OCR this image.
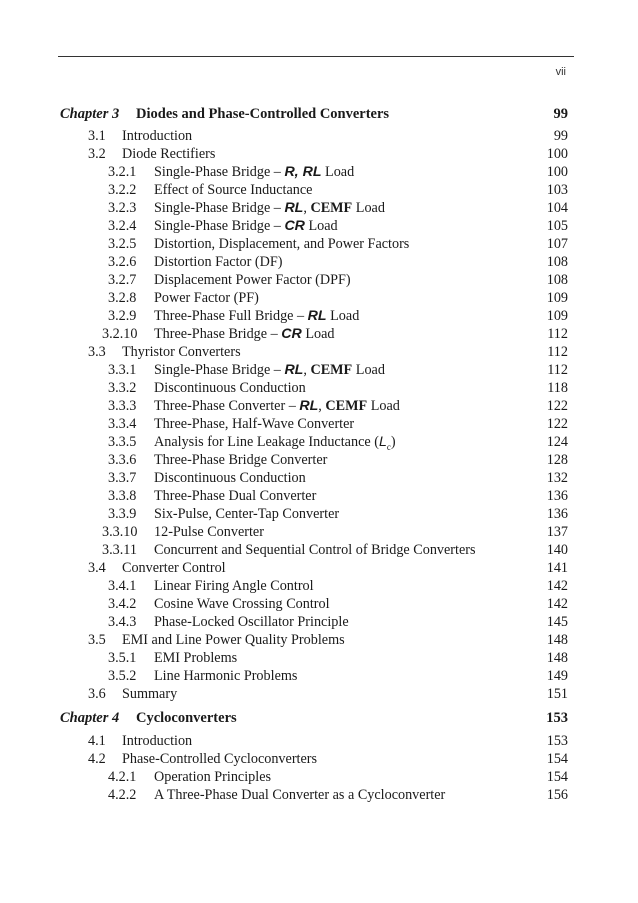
vii
Chapter 3 Diodes and Phase-Controlled Converters	99
3.1 Introduction	99
3.2 Diode Rectifiers	100
3.2.1 Single-Phase Bridge – R, RL Load	100
3.2.2 Effect of Source Inductance	103
3.2.3 Single-Phase Bridge – RL, CEMF Load	104
3.2.4 Single-Phase Bridge – CR Load	105
3.2.5 Distortion, Displacement, and Power Factors	107
3.2.6 Distortion Factor (DF)	108
3.2.7 Displacement Power Factor (DPF)	108
3.2.8 Power Factor (PF)	109
3.2.9 Three-Phase Full Bridge – RL Load	109
3.2.10 Three-Phase Bridge – CR Load	112
3.3 Thyristor Converters	112
3.3.1 Single-Phase Bridge – RL, CEMF Load	112
3.3.2 Discontinuous Conduction	118
3.3.3 Three-Phase Converter – RL, CEMF Load	122
3.3.4 Three-Phase, Half-Wave Converter	122
3.3.5 Analysis for Line Leakage Inductance $(L_c)$	124
3.3.6 Three-Phase Bridge Converter	128
3.3.7 Discontinuous Conduction	132
3.3.8 Three-Phase Dual Converter	136
3.3.9 Six-Pulse, Center-Tap Converter	136
3.3.10 12-Pulse Converter	137
3.3.11 Concurrent and Sequential Control of Bridge Converters	140
3.4 Converter Control	141
3.4.1 Linear Firing Angle Control	142
3.4.2 Cosine Wave Crossing Control	142
3.4.3 Phase-Locked Oscillator Principle	145
3.5 EMI and Line Power Quality Problems	148
3.5.1 EMI Problems	148
3.5.2 Line Harmonic Problems	149
3.6 Summary	151
Chapter 4 Cycloconverters	153
4.1 Introduction	153
4.2 Phase-Controlled Cycloconverters	154
4.2.1 Operation Principles	154
4.2.2 A Three-Phase Dual Converter as a Cycloconverter	156
